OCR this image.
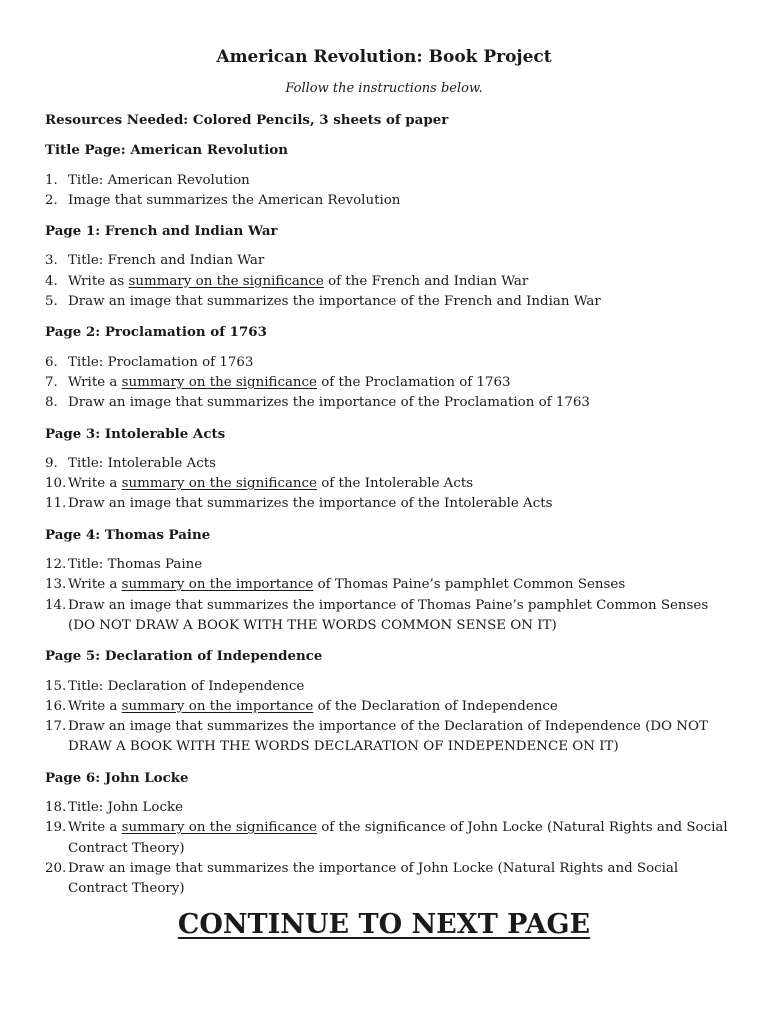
American Revolution: Book Project
Follow the instructions below.
Resources Needed: Colored Pencils, 3 sheets of paper
Title Page: American Revolution
1. Title: American Revolution
2. Image that summarizes the American Revolution
Page 1: French and Indian War
3. Title: French and Indian War
4. Write as summary on the significance of the French and Indian War
5. Draw an image that summarizes the importance of the French and Indian War
Page 2: Proclamation of 1763
6. Title: Proclamation of 1763
7. Write a summary on the significance of the Proclamation of 1763
8. Draw an image that summarizes the importance of the Proclamation of 1763
Page 3: Intolerable Acts
9. Title: Intolerable Acts
10. Write a summary on the significance of the Intolerable Acts
11. Draw an image that summarizes the importance of the Intolerable Acts
Page 4: Thomas Paine
12. Title: Thomas Paine
13. Write a summary on the importance of Thomas Paine’s pamphlet Common Senses
14. Draw an image that summarizes the importance of Thomas Paine’s pamphlet Common Senses (DO NOT DRAW A BOOK WITH THE WORDS COMMON SENSE ON IT)
Page 5: Declaration of Independence
15. Title: Declaration of Independence
16. Write a summary on the importance of the Declaration of Independence
17. Draw an image that summarizes the importance of the Declaration of Independence (DO NOT DRAW A BOOK WITH THE WORDS DECLARATION OF INDEPENDENCE ON IT)
Page 6: John Locke
18. Title: John Locke
19. Write a summary on the significance of the significance of John Locke (Natural Rights and Social Contract Theory)
20. Draw an image that summarizes the importance of John Locke (Natural Rights and Social Contract Theory)
CONTINUE TO NEXT PAGE
